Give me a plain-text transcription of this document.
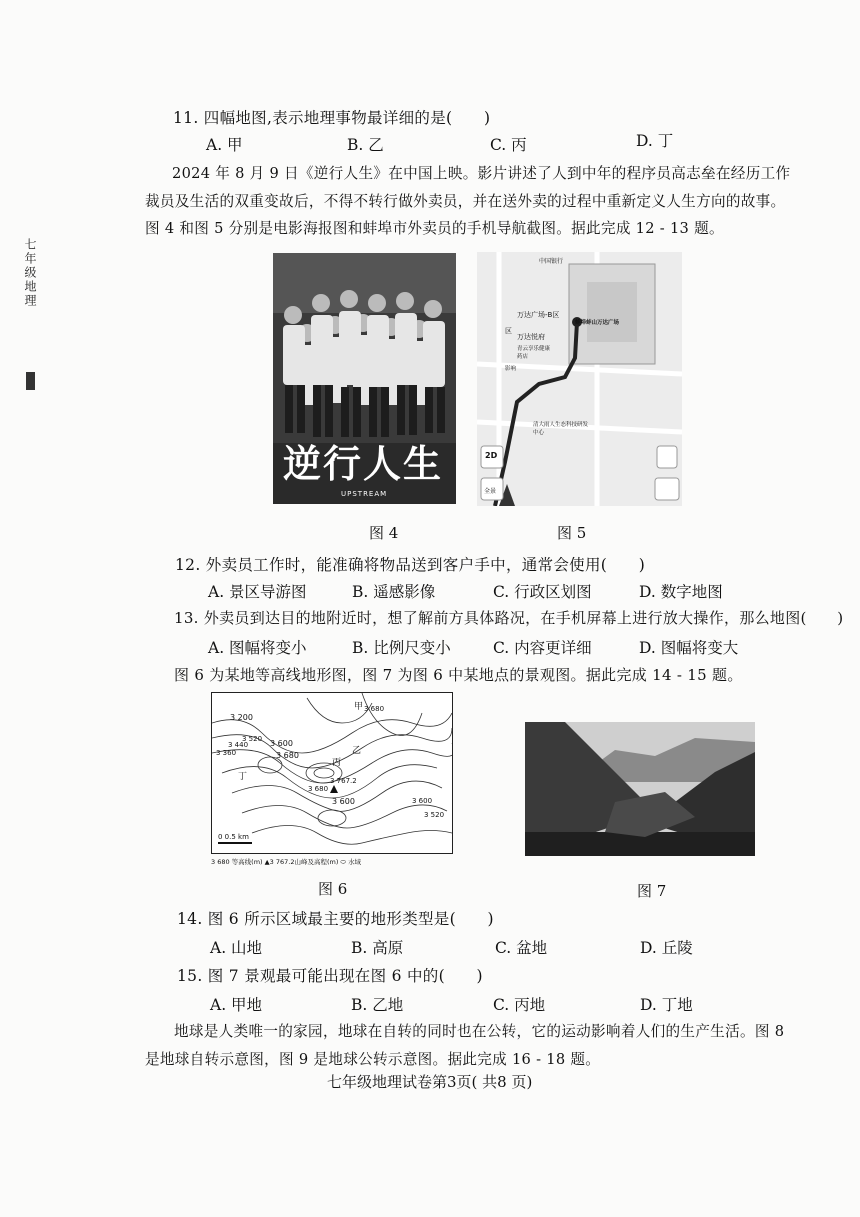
七年级地理
11. 四幅地图,表示地理事物最详细的是(　　)
A. 甲	B. 乙	C. 丙	D. 丁
2024 年 8 月 9 日《逆行人生》在中国上映。影片讲述了人到中年的程序员高志垒在经历工作
裁员及生活的双重变故后，不得不转行做外卖员，并在送外卖的过程中重新定义人生方向的故事。
图 4 和图 5 分别是电影海报图和蚌埠市外卖员的手机导航截图。据此完成 12 - 13 题。
逆行人生
UPSTREAM
图 4
中国银行
万达广场-B区
万达悦府
区
蚌埠蚌山万达广场
青云享乐健康药店
影响
清大雨人生态科技研发中心
2D
全景
图 5
12. 外卖员工作时，能准确将物品送到客户手中，通常会使用(　　)
A. 景区导游图	B. 遥感影像	C. 行政区划图	D. 数字地图
13. 外卖员到达目的地附近时，想了解前方具体路况，在手机屏幕上进行放大操作，那么地图(　　)
A. 图幅将变小	B. 比例尺变小	C. 内容更详细	D. 图幅将变大
图 6 为某地等高线地形图，图 7 为图 6 中某地点的景观图。据此完成 14 - 15 题。
3 200
3 360
3 440
3 520 3 600
3 680
3 600
3 680
3 680
3 520
3 600
甲
乙
丙
丁	3 767.2
0 0.5 km
3 680 等高线(m) ▲3 767.2山峰及高程(m) ⬭ 水域
图 6	图 7
14. 图 6 所示区域最主要的地形类型是(　　)
A. 山地	B. 高原	C. 盆地	D. 丘陵
15. 图 7 景观最可能出现在图 6 中的(　　)
A. 甲地	B. 乙地	C. 丙地	D. 丁地
地球是人类唯一的家园，地球在自转的同时也在公转，它的运动影响着人们的生产生活。图 8
是地球自转示意图，图 9 是地球公转示意图。据此完成 16 - 18 题。
七年级地理试卷第3页( 共8 页)
